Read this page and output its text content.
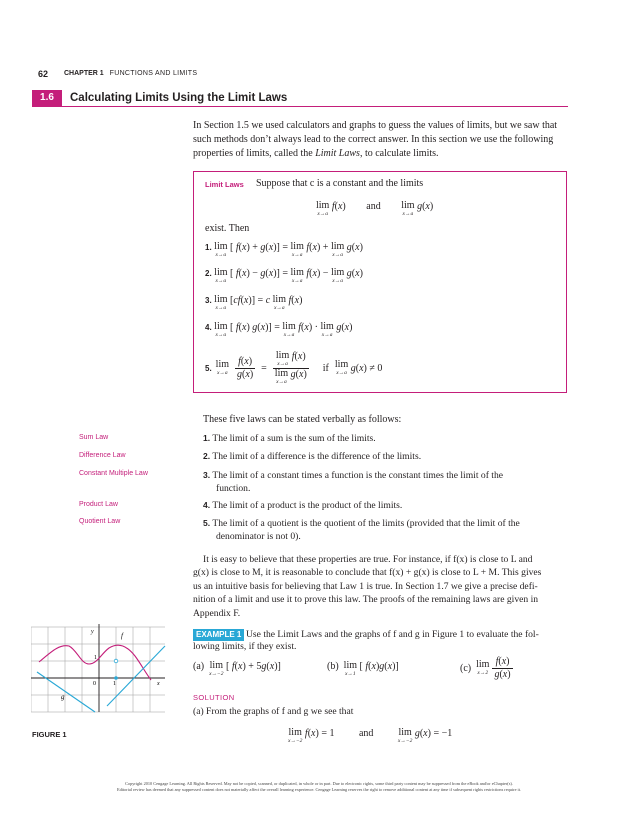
62 CHAPTER 1 FUNCTIONS AND LIMITS
1.6	Calculating Limits Using the Limit Laws
In Section 1.5 we used calculators and graphs to guess the values of limits, but we saw that
such methods don’t always lead to the correct answer. In this section we use the following
properties of limits, called the Limit Laws, to calculate limits.
Limit Laws Suppose that c is a constant and the limits
lim
x→a
f(x) and lim
x→a
g(x)
exist. Then
1. lim
x→a
[ f(x) + g(x)] = lim
x→a
f(x) + lim
x→a
g(x)
2. lim
x→a
[ f(x) − g(x)] = lim
x→a
f(x) − lim
x→a
g(x)
3. lim
x→a
[cf(x)] = c lim
x→a
f(x)
4. lim
x→a
[ f(x) g(x)] = lim
x→a
f(x) · lim
x→a
g(x)
5. lim
$x\to a \frac{f(x)}{g(x)} = \lim$
x→a
f(x)
lim
x→a
g(x) if lim
x→a
g ( x ) ≠ 0
These five laws can be stated verbally as follows:
Sum Law
Difference Law
Constant Multiple Law
Product Law
Quotient Law
1. The limit of a sum is the sum of the limits.
2. The limit of a difference is the difference of the limits.
3. The limit of a constant times a function is the constant times the limit of the
function.
4. The limit of a product is the product of the limits.
5. The limit of a quotient is the quotient of the limits (provided that the limit of the
denominator is not 0).
It is easy to believe that these properties are true. For instance, if f(x) is close to L and
g(x) is close to M, it is reasonable to conclude that f(x) + g(x) is close to L + M. This gives
us an intuitive basis for believing that Law 1 is true. In Section 1.7 we give a precise defi-
nition of a limit and use it to prove this law. The proofs of the remaining laws are given in
Appendix F.
y	f
1
0	1	x
g
FIGURE 1
EXAMPLE 1 Use the Limit Laws and the graphs of f and g in Figure 1 to evaluate the fol-
lowing limits, if they exist.
(a) lim
x→−2
[ f(x) + 5g(x)]	(b) lim
x→1
[ f(x)g(x)]	(c)
lim
$x\to 2 \frac{f(x)}{g(x)}$
SOLUTION
(a) From the graphs of f and g we see that
lim
x→−2
f(x) = 1 and	lim
x→−2
g(x) = −1
Copyright 2010 Cengage Learning. All Rights Reserved. May not be copied, scanned, or duplicated, in whole or in part. Due to electronic rights, some third party content may be suppressed from the eBook and/or eChapter(s).
Editorial review has deemed that any suppressed content does not materially affect the overall learning experience. Cengage Learning reserves the right to remove additional content at any time if subsequent rights restrictions require it.
